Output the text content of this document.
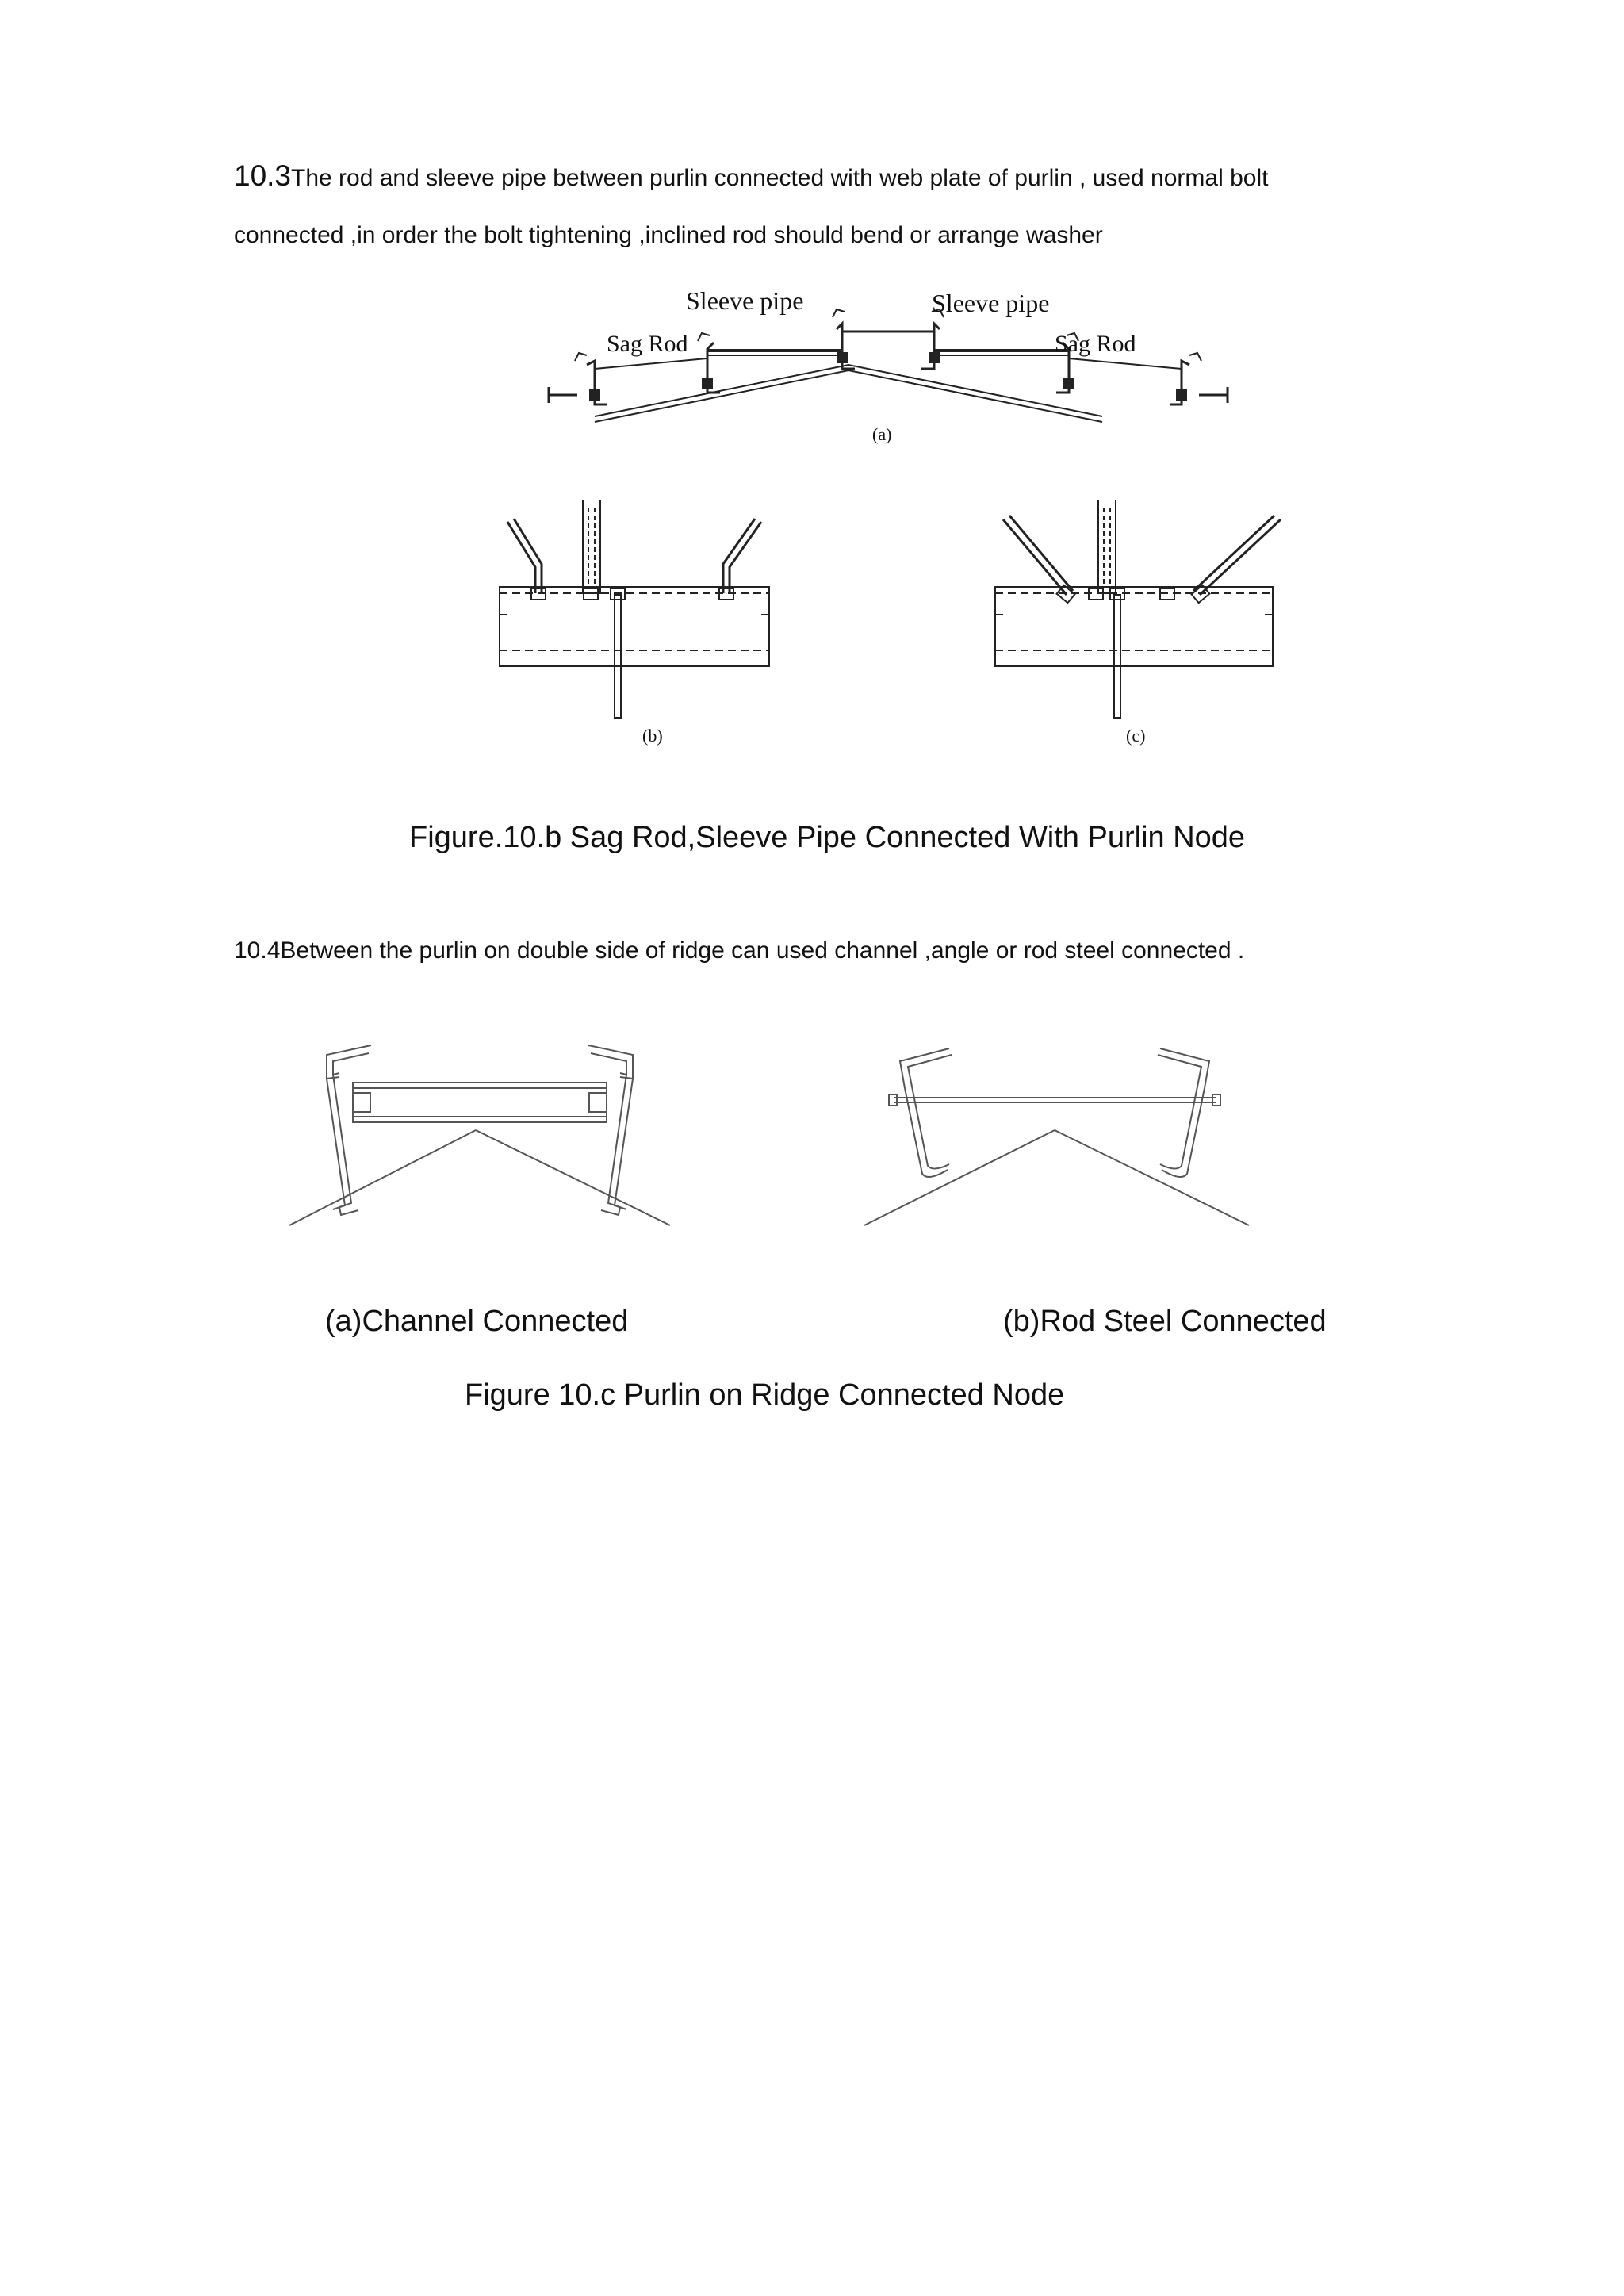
10.3The rod and sleeve pipe between purlin connected with web plate of purlin , used normal bolt
connected ,in order the bolt tightening ,inclined rod should bend or arrange washer
Sleeve pipe	Sleeve pipe
Sag Rod	Sag Rod
(a)
(b)	(c)
Figure.10.b Sag Rod,Sleeve Pipe Connected With Purlin Node
10.4Between the purlin on double side of ridge can used channel ,angle or rod steel connected .
(a)Channel Connected	(b)Rod Steel Connected
Figure 10.c Purlin on Ridge Connected Node
